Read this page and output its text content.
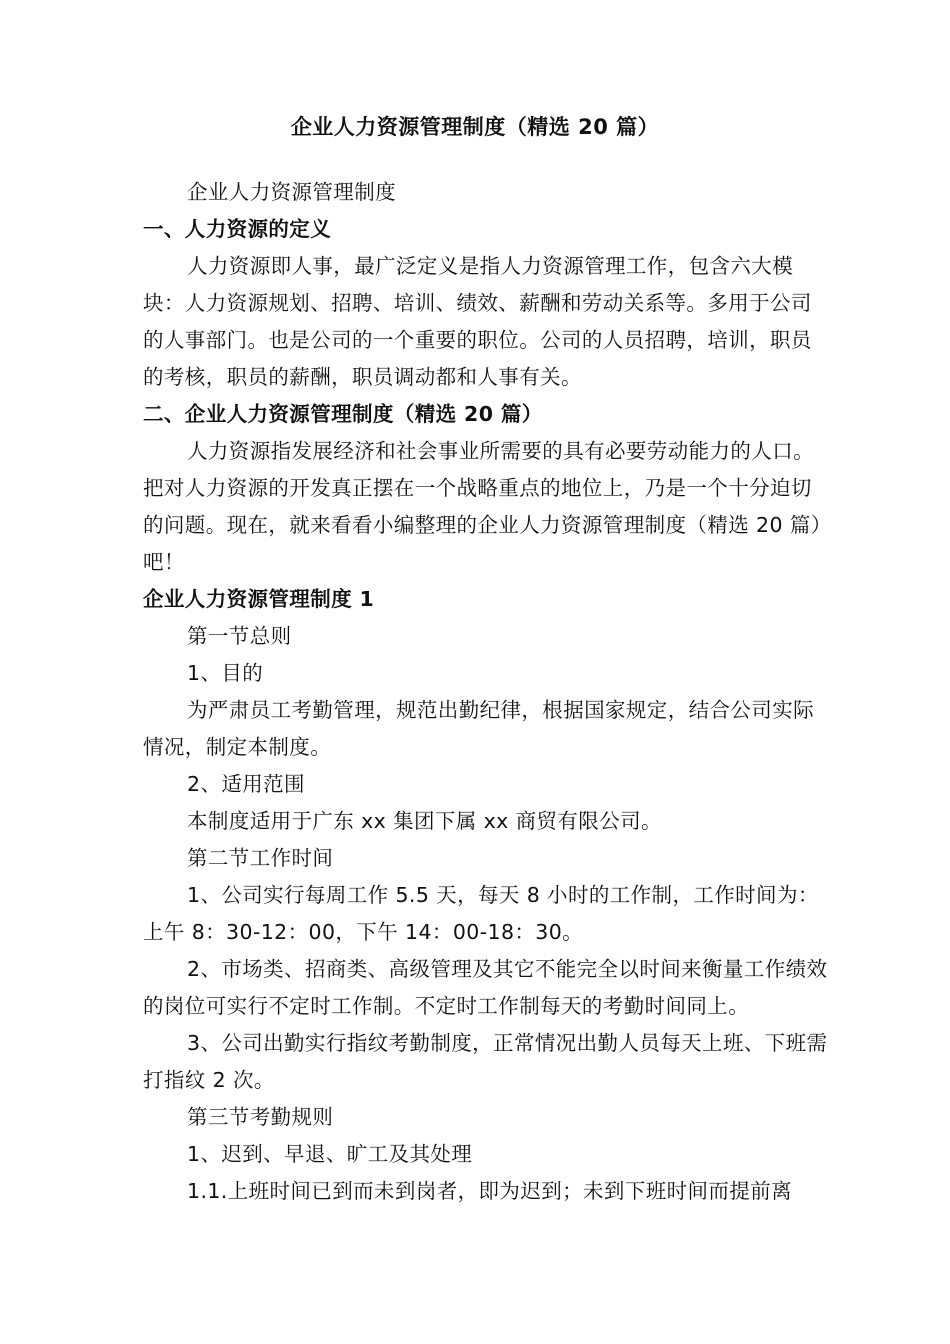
企业人力资源管理制度（精选 20 篇）

企业人力资源管理制度

一、人力资源的定义

人力资源即人事，最广泛定义是指人力资源管理工作，包含六大模块：人力资源规划、招聘、培训、绩效、薪酬和劳动关系等。多用于公司的人事部门。也是公司的一个重要的职位。公司的人员招聘，培训，职员的考核，职员的薪酬，职员调动都和人事有关。

二、企业人力资源管理制度（精选 20 篇）

人力资源指发展经济和社会事业所需要的具有必要劳动能力的人口。把对人力资源的开发真正摆在一个战略重点的地位上，乃是一个十分迫切的问题。现在，就来看看小编整理的企业人力资源管理制度（精选 20 篇）吧！

企业人力资源管理制度 1

第一节总则

1、目的

为严肃员工考勤管理，规范出勤纪律，根据国家规定，结合公司实际情况，制定本制度。

2、适用范围

本制度适用于广东 xx 集团下属 xx 商贸有限公司。

第二节工作时间

1、公司实行每周工作 5.5 天，每天 8 小时的工作制，工作时间为：上午 8：30-12：00，下午 14：00-18：30。

2、市场类、招商类、高级管理及其它不能完全以时间来衡量工作绩效的岗位可实行不定时工作制。不定时工作制每天的考勤时间同上。

3、公司出勤实行指纹考勤制度，正常情况出勤人员每天上班、下班需打指纹 2 次。

第三节考勤规则

1、迟到、早退、旷工及其处理

1.1.上班时间已到而未到岗者，即为迟到；未到下班时间而提前离
